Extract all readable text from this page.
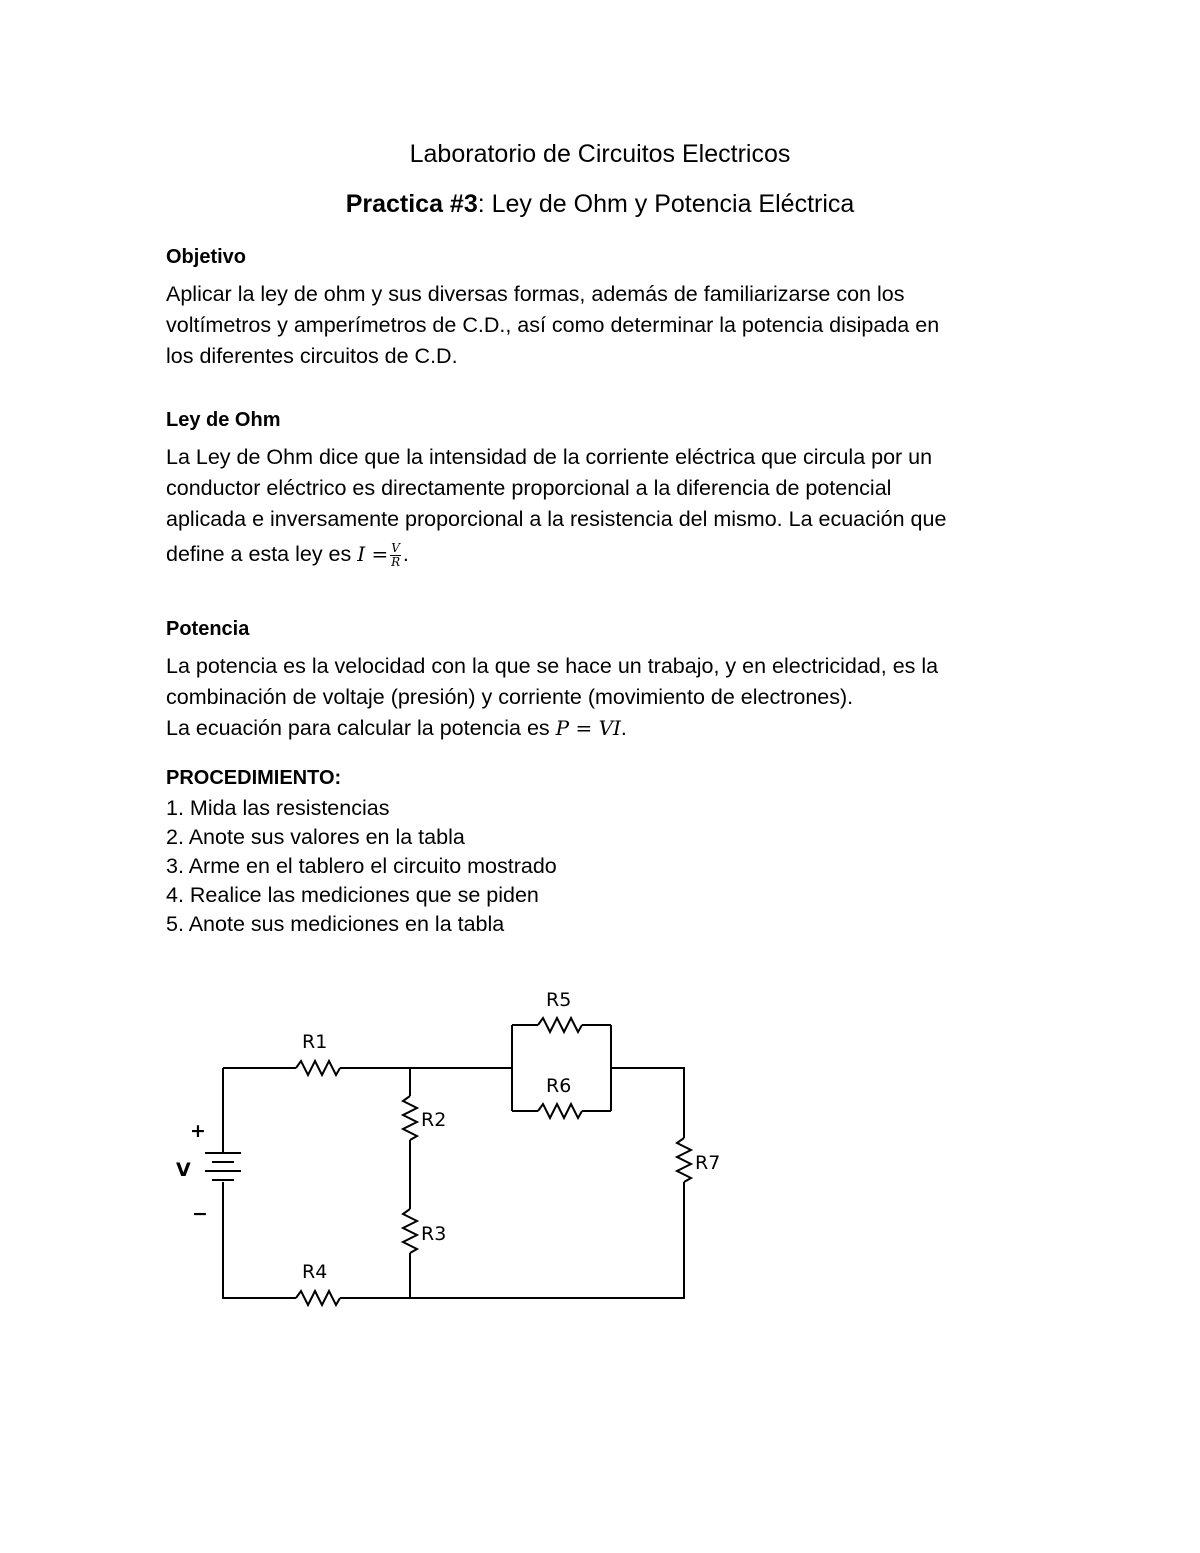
Laboratorio de Circuitos Electricos
Practica #3: Ley de Ohm y Potencia Eléctrica
Objetivo
Aplicar la ley de ohm y sus diversas formas, además de familiarizarse con los
voltímetros y amperímetros de C.D., así como determinar la potencia disipada en
los diferentes circuitos de C.D.
Ley de Ohm
La Ley de Ohm dice que la intensidad de la corriente eléctrica que circula por un
conductor eléctrico es directamente proporcional a la diferencia de potencial
aplicada e inversamente proporcional a la resistencia del mismo. La ecuación que
define a esta ley es $I = \frac{V}{R}$ .
Potencia
La potencia es la velocidad con la que se hace un trabajo, y en electricidad, es la
combinación de voltaje (presión) y corriente (movimiento de electrones).
La ecuación para calcular la potencia es P = VI.
PROCEDIMIENTO:
1. Mida las resistencias
2. Anote sus valores en la tabla
3. Arme en el tablero el circuito mostrado
4. Realice las mediciones que se piden
5. Anote sus mediciones en la tabla
R1
R5
R6
R2
R3
R7
R4
V
+
−
